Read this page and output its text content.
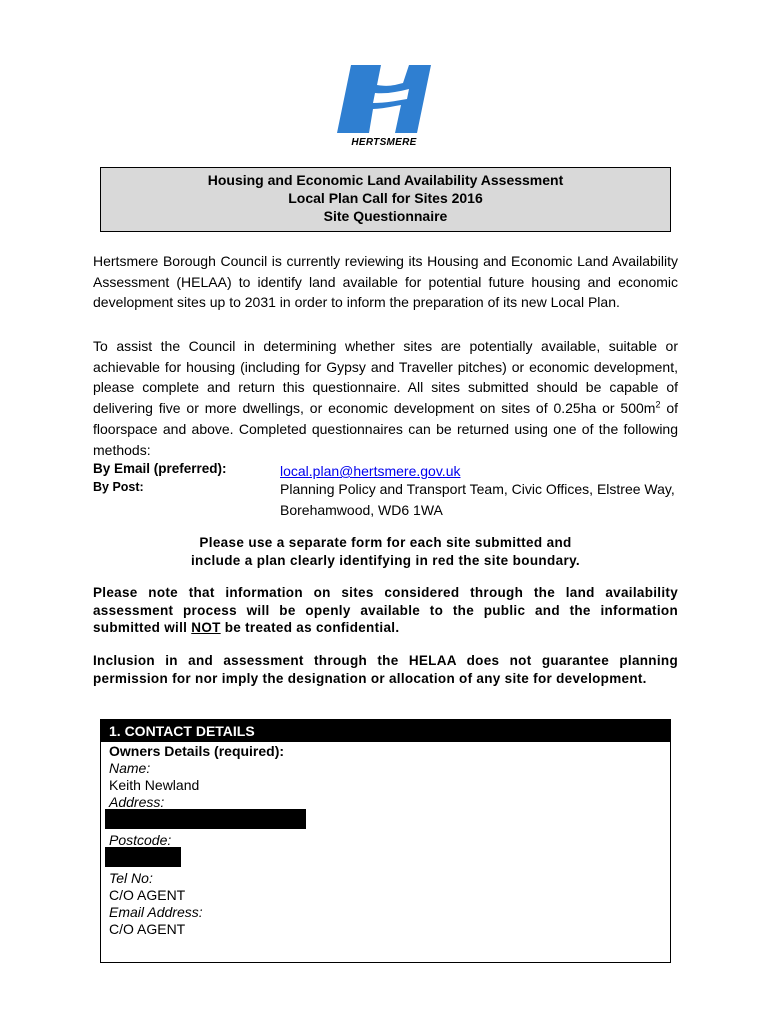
HERTSMERE
Housing and Economic Land Availability Assessment
Local Plan Call for Sites 2016
Site Questionnaire

Hertsmere Borough Council is currently reviewing its Housing and Economic Land Availability Assessment (HELAA) to identify land available for potential future housing and economic development sites up to 2031 in order to inform the preparation of its new Local Plan.

To assist the Council in determining whether sites are potentially available, suitable or achievable for housing (including for Gypsy and Traveller pitches) or economic development, please complete and return this questionnaire. All sites submitted should be capable of delivering five or more dwellings, or economic development on sites of 0.25ha or $500m^2$ of floorspace and above. Completed questionnaires can be returned using one of the following methods:

By Email (preferred):	local.plan@hertsmere.gov.uk
By Post:	Planning Policy and Transport Team, Civic Offices, Elstree Way, Borehamwood, WD6 1WA
Please use a separate form for each site submitted and
include a plan clearly identifying in red the site boundary.

Please note that information on sites considered through the land availability assessment process will be openly available to the public and the information submitted will NOT be treated as confidential.

Inclusion in and assessment through the HELAA does not guarantee planning permission for nor imply the designation or allocation of any site for development.

1. CONTACT DETAILS
Owners Details (required):
Name:
Keith Newland
Address:
Postcode:
Tel No:
C/O AGENT
Email Address:
C/O AGENT
